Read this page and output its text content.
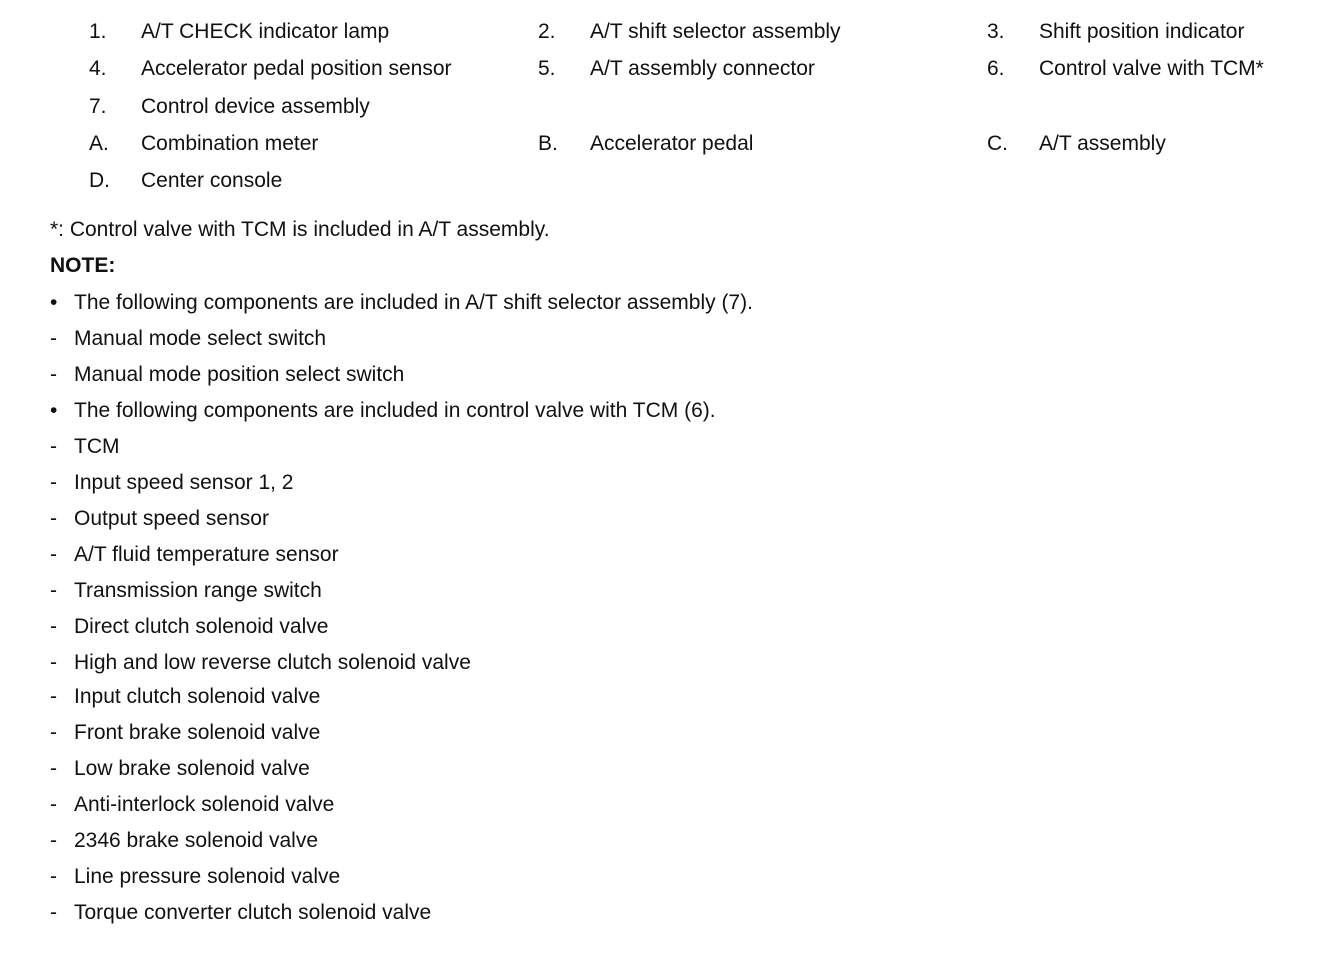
1. A/T CHECK indicator lamp	2. A/T shift selector assembly	3. Shift position indicator
4. Accelerator pedal position sensor	5. A/T assembly connector	6. Control valve with TCM*
7. Control device assembly
A. Combination meter	B. Accelerator pedal	C. A/T assembly
D. Center console
*: Control valve with TCM is included in A/T assembly.
NOTE:
• The following components are included in A/T shift selector assembly (7).
- Manual mode select switch
- Manual mode position select switch
• The following components are included in control valve with TCM (6).
- TCM
- Input speed sensor 1, 2
- Output speed sensor
- A/T fluid temperature sensor
- Transmission range switch
- Direct clutch solenoid valve
- High and low reverse clutch solenoid valve
- Input clutch solenoid valve
- Front brake solenoid valve
- Low brake solenoid valve
- Anti-interlock solenoid valve
- 2346 brake solenoid valve
- Line pressure solenoid valve
- Torque converter clutch solenoid valve
